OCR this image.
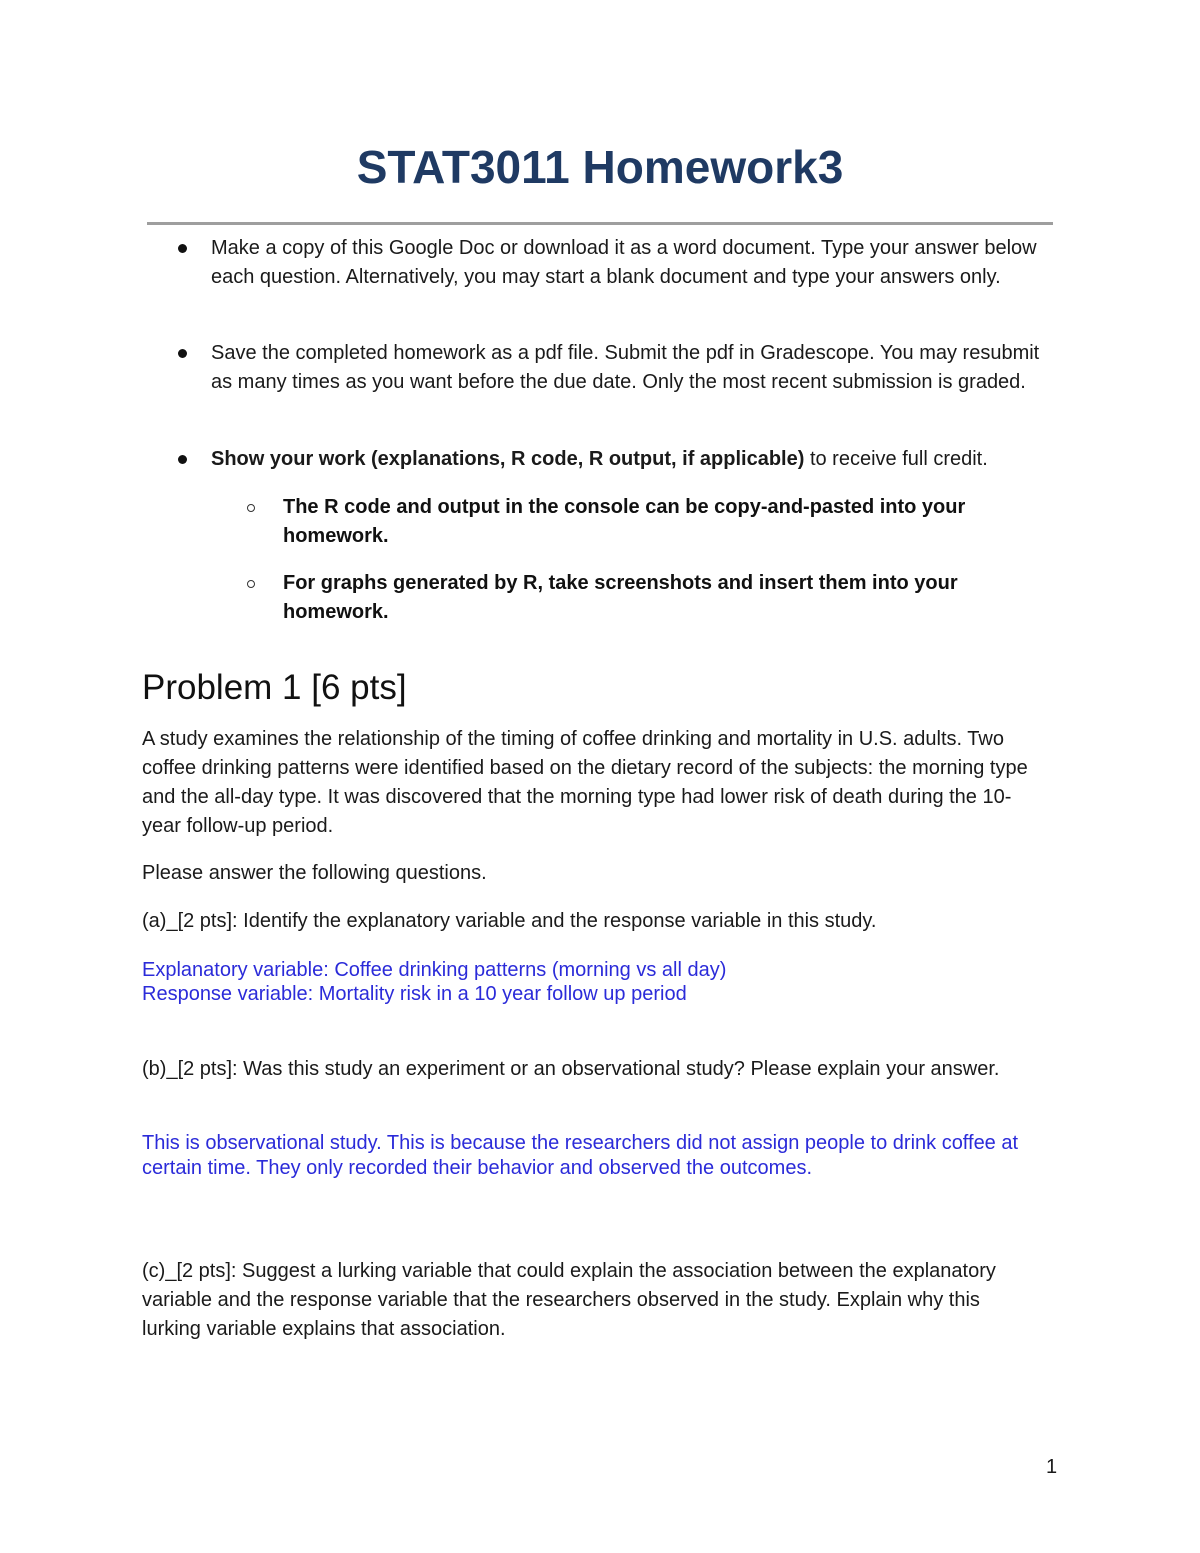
STAT3011 Homework3
Make a copy of this Google Doc or download it as a word document. Type your answer below each question. Alternatively, you may start a blank document and type your answers only.
Save the completed homework as a pdf file. Submit the pdf in Gradescope. You may resubmit as many times as you want before the due date. Only the most recent submission is graded.
Show your work (explanations, R code, R output, if applicable) to receive full credit.
The R code and output in the console can be copy-and-pasted into your homework.
For graphs generated by R, take screenshots and insert them into your homework.
Problem 1 [6 pts]
A study examines the relationship of the timing of coffee drinking and mortality in U.S. adults. Two coffee drinking patterns were identified based on the dietary record of the subjects: the morning type and the all-day type. It was discovered that the morning type had lower risk of death during the 10-year follow-up period.
Please answer the following questions.
(a)_[2 pts]: Identify the explanatory variable and the response variable in this study.
Explanatory variable: Coffee drinking patterns (morning vs all day)
Response variable: Mortality risk in a 10 year follow up period
(b)_[2 pts]: Was this study an experiment or an observational study? Please explain your answer.
This is observational study. This is because the researchers did not assign people to drink coffee at certain time. They only recorded their behavior and observed the outcomes.
(c)_[2 pts]: Suggest a lurking variable that could explain the association between the explanatory variable and the response variable that the researchers observed in the study. Explain why this lurking variable explains that association.
1
